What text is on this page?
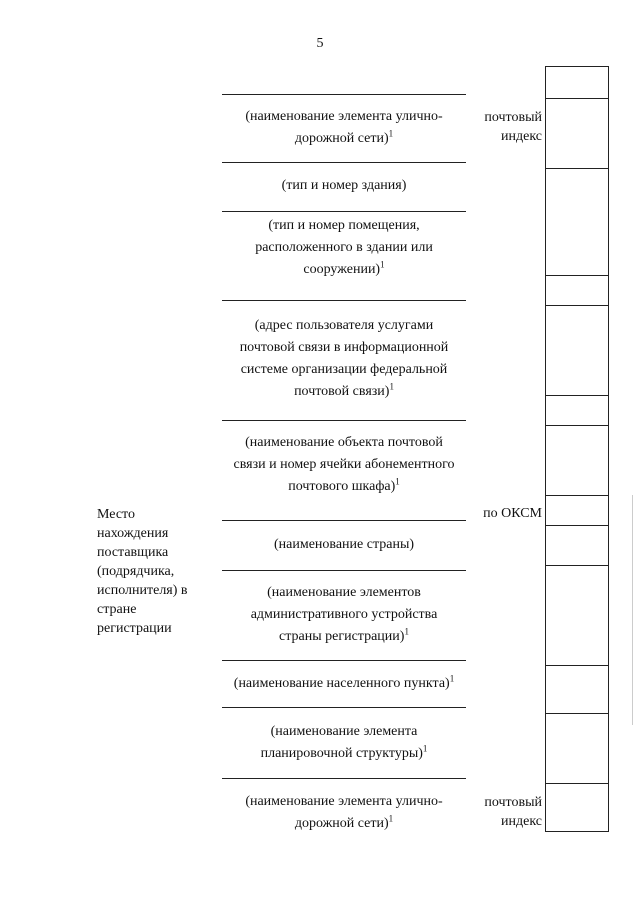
5
(наименование элемента улично-
дорожной сети)$^1$
(тип и номер здания)
(тип и номер помещения,
расположенного в здании или
сооружении)$^1$
(адрес пользователя услугами
почтовой связи в информационной
системе организации федеральной
почтовой связи)$^1$
(наименование объекта почтовой
связи и номер ячейки абонементного
почтового шкафа)$^1$
(наименование страны)
(наименование элементов
административного устройства
страны регистрации)$^1$
(наименование населенного пункта)$^1$
(наименование элемента
планировочной структуры)$^1$
(наименование элемента улично-
дорожной сети)$^1$
Место
нахождения
поставщика
(подрядчика,
исполнителя) в
стране
регистрации
почтовый
индекс
по ОКСМ
почтовый
индекс
